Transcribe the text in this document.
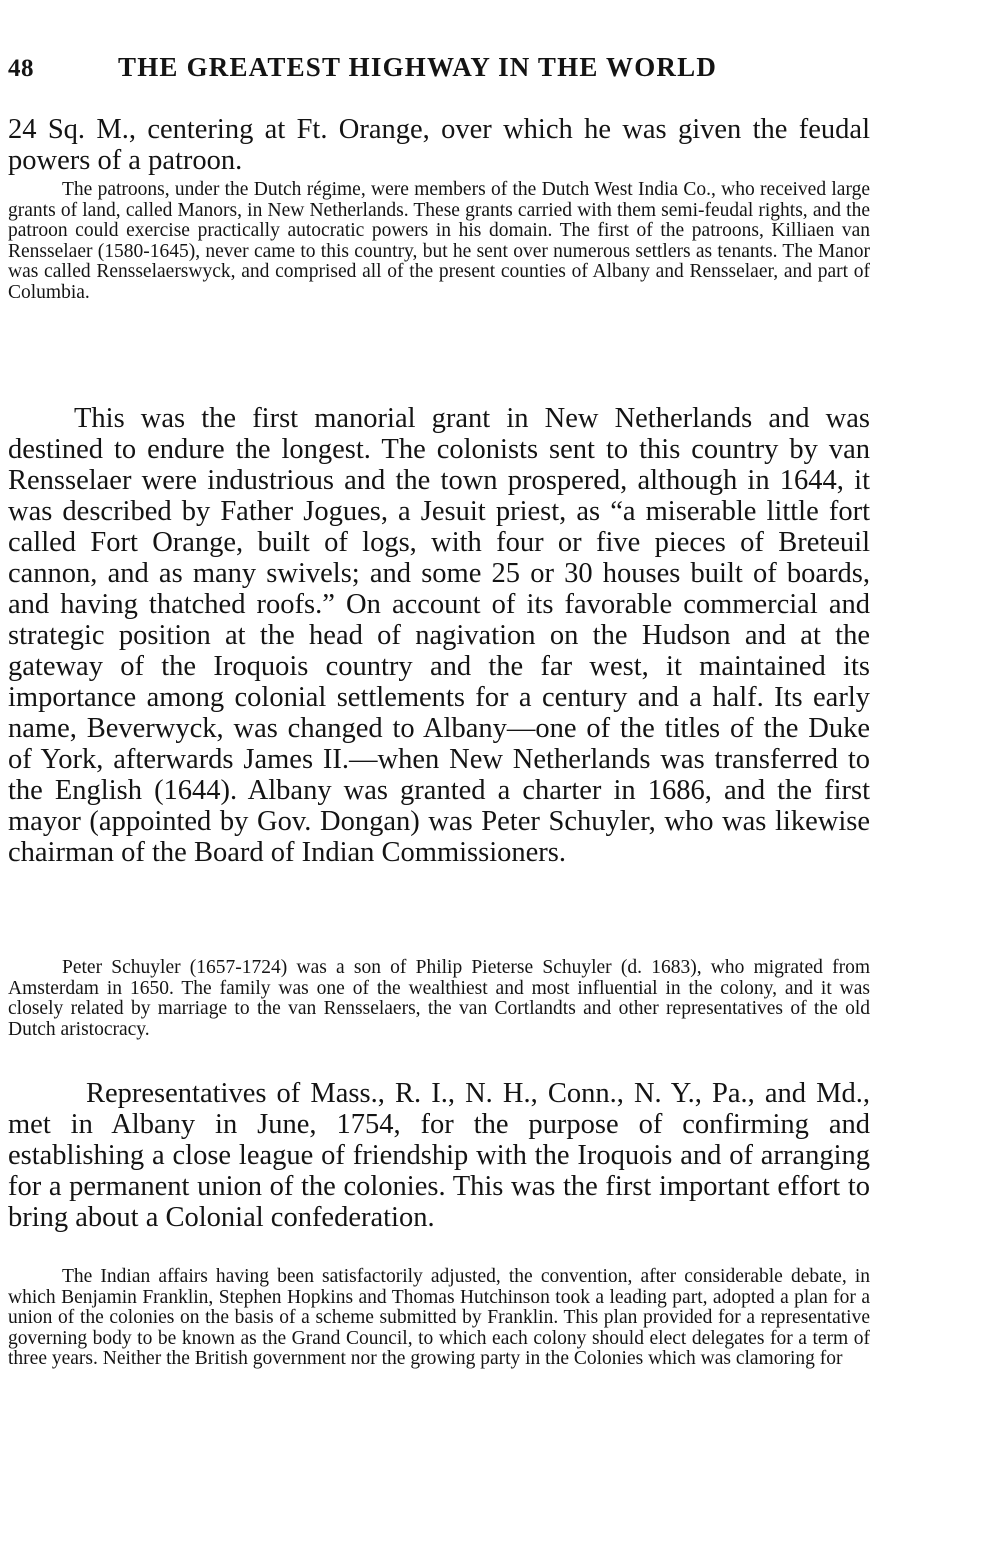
48	THE GREATEST HIGHWAY IN THE WORLD

24 Sq. M., centering at Ft. Orange, over which he was given the feudal powers of a patroon.

The patroons, under the Dutch régime, were members of the Dutch West India Co., who received large grants of land, called Manors, in New Netherlands. These grants carried with them semi-feudal rights, and the patroon could exercise practically autocratic powers in his domain. The first of the patroons, Killiaen van Rensselaer (1580-1645), never came to this country, but he sent over numerous settlers as tenants. The Manor was called Rensselaerswyck, and comprised all of the present counties of Albany and Rensselaer, and part of Columbia.

This was the first manorial grant in New Netherlands and was destined to endure the longest. The colonists sent to this country by van Rensselaer were industrious and the town prospered, although in 1644, it was described by Father Jogues, a Jesuit priest, as “a miserable little fort called Fort Orange, built of logs, with four or five pieces of Breteuil cannon, and as many swivels; and some 25 or 30 houses built of boards, and having thatched roofs.” On account of its favorable commercial and strategic position at the head of nagivation on the Hudson and at the gateway of the Iroquois country and the far west, it maintained its importance among colonial settlements for a century and a half. Its early name, Beverwyck, was changed to Albany—one of the titles of the Duke of York, afterwards James II.—when New Netherlands was transferred to the English (1644). Albany was granted a charter in 1686, and the first mayor (appointed by Gov. Dongan) was Peter Schuyler, who was likewise chairman of the Board of Indian Commissioners.

Peter Schuyler (1657-1724) was a son of Philip Pieterse Schuyler (d. 1683), who migrated from Amsterdam in 1650. The family was one of the wealthiest and most influential in the colony, and it was closely related by marriage to the van Rensselaers, the van Cortlandts and other representatives of the old Dutch aristocracy.

Representatives of Mass., R. I., N. H., Conn., N. Y., Pa., and Md., met in Albany in June, 1754, for the purpose of confirming and establishing a close league of friendship with the Iroquois and of arranging for a permanent union of the colonies. This was the first important effort to bring about a Colonial confederation.

The Indian affairs having been satisfactorily adjusted, the convention, after considerable debate, in which Benjamin Franklin, Stephen Hopkins and Thomas Hutchinson took a leading part, adopted a plan for a union of the colonies on the basis of a scheme submitted by Franklin. This plan provided for a representative governing body to be known as the Grand Council, to which each colony should elect delegates for a term of three years. Neither the British government nor the growing party in the Colonies which was clamoring for
